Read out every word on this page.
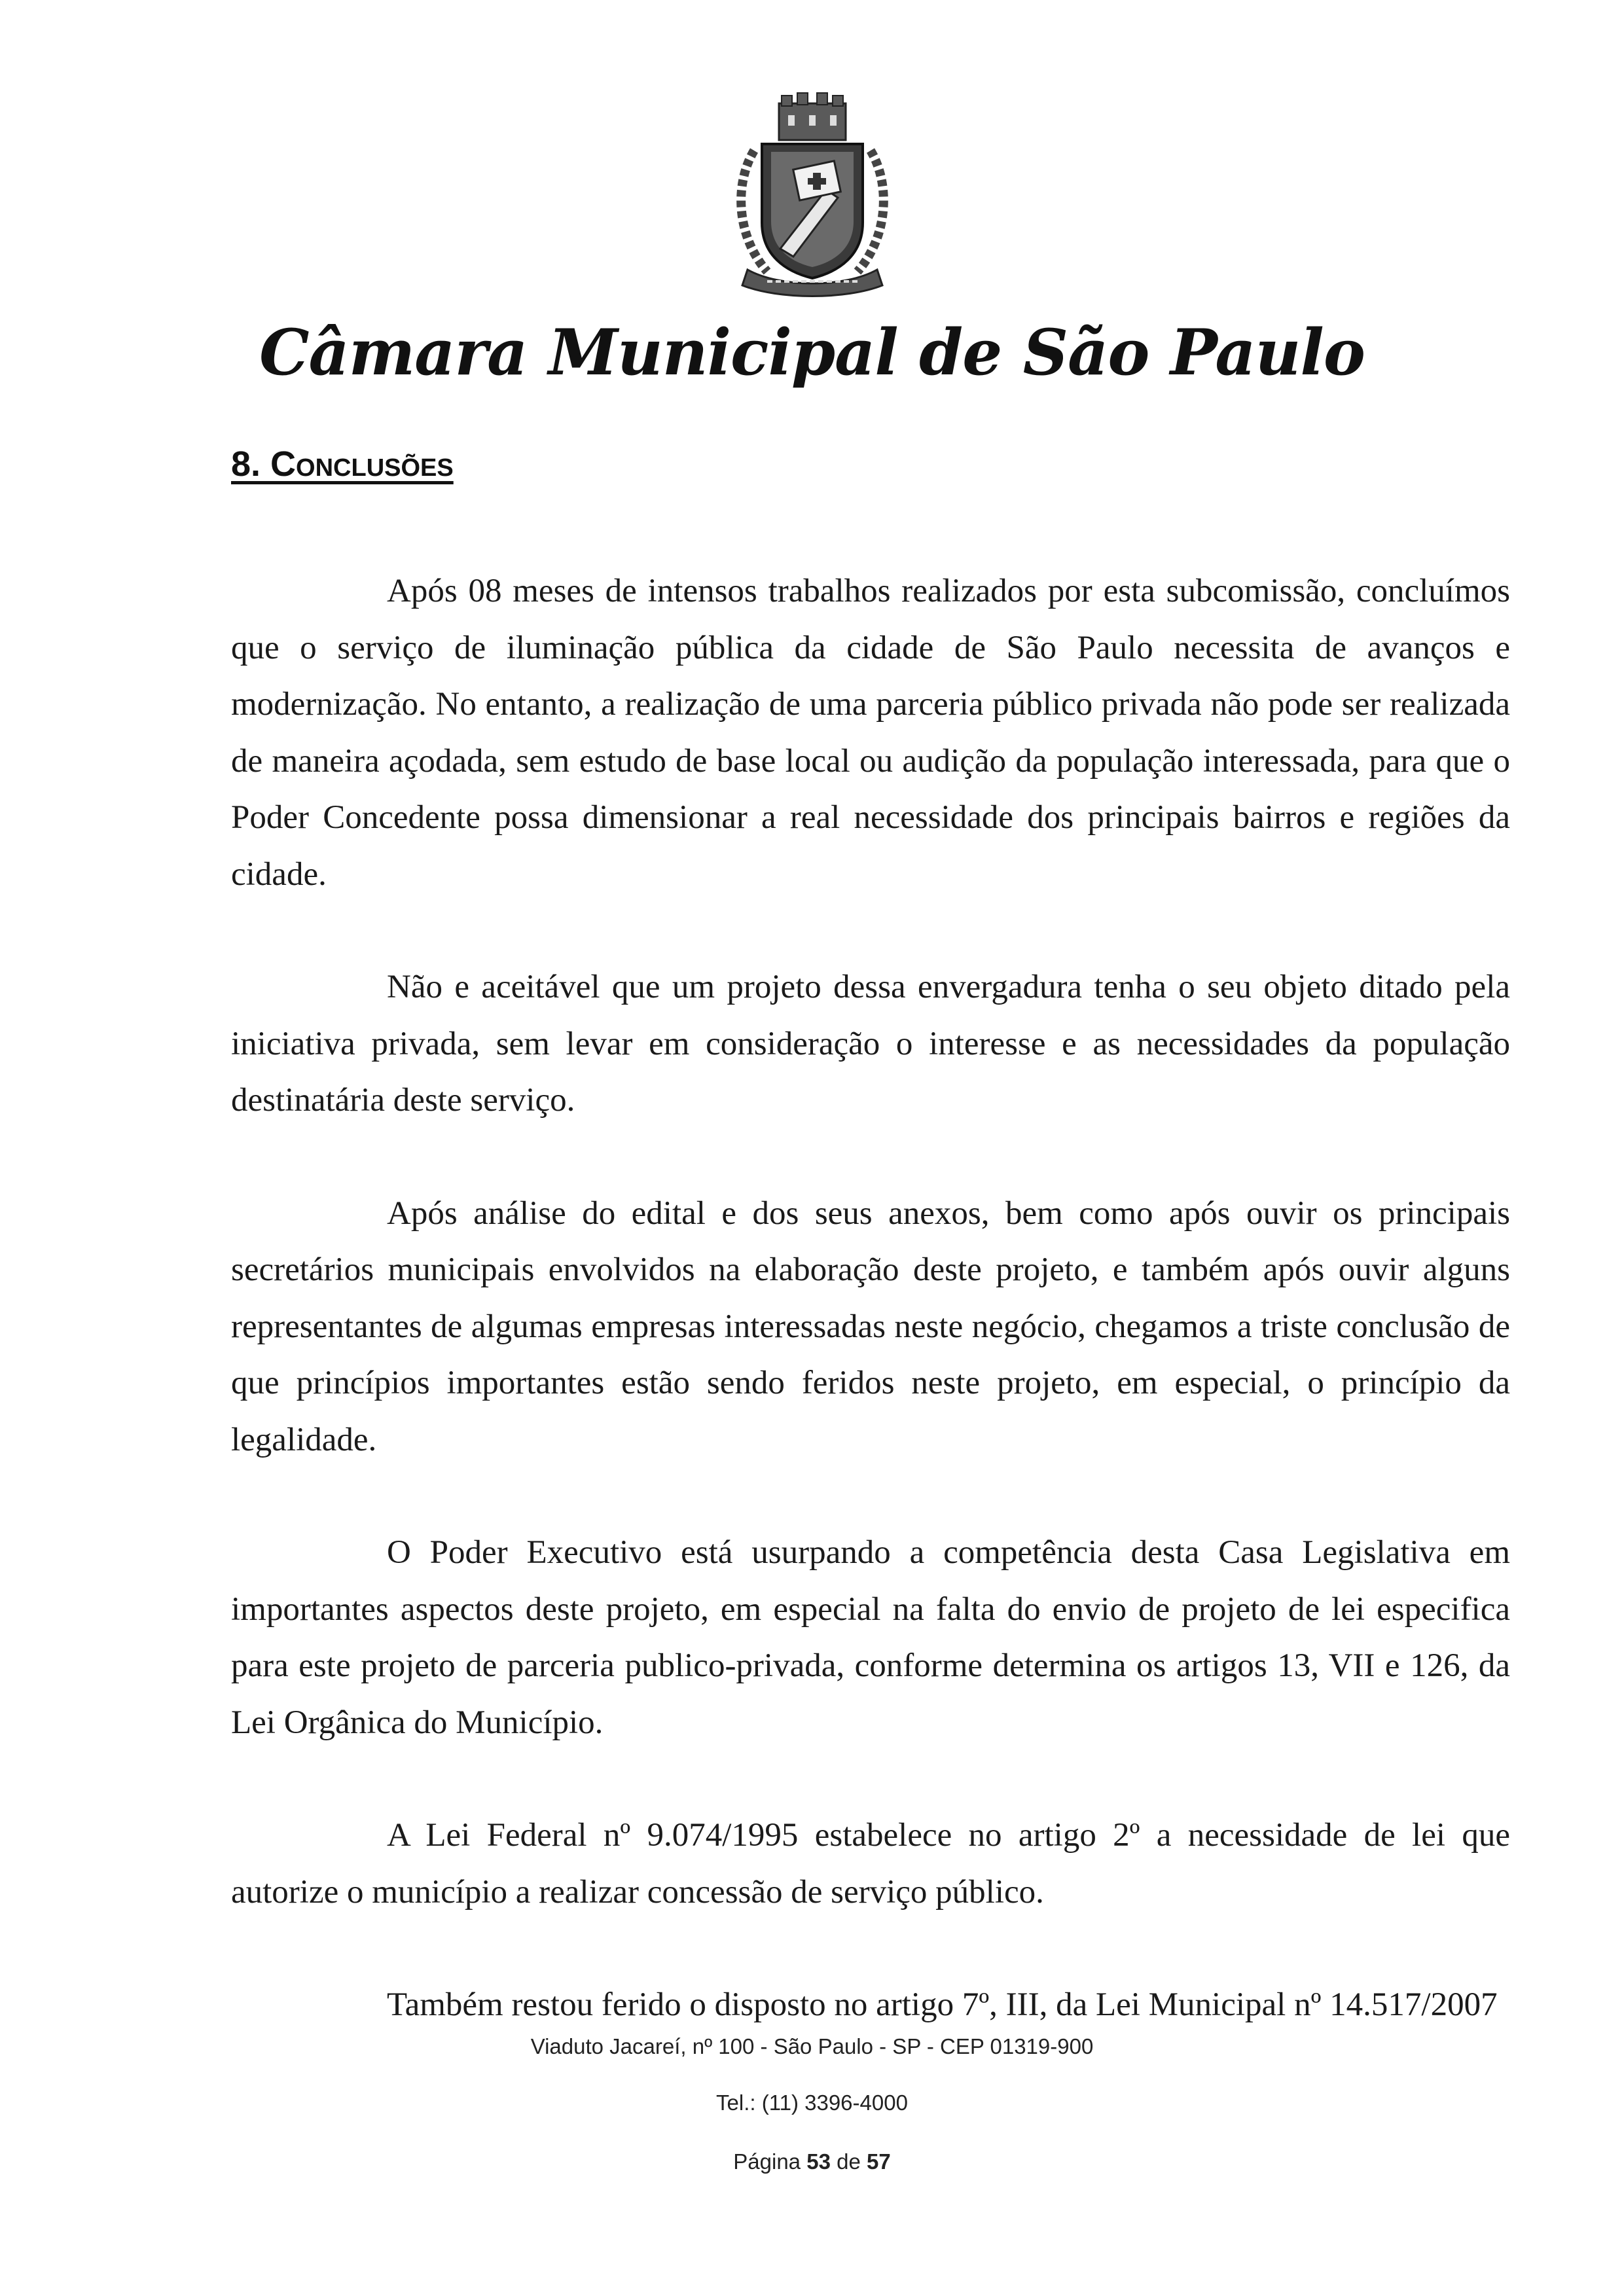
Câmara Municipal de São Paulo
8. Conclusões

Após 08 meses de intensos trabalhos realizados por esta subcomissão, concluímos que o serviço de iluminação pública da cidade de São Paulo necessita de avanços e modernização. No entanto, a realização de uma parceria público privada não pode ser realizada de maneira açodada, sem estudo de base local ou audição da população interessada, para que o Poder Concedente possa dimensionar a real necessidade dos principais bairros e regiões da cidade.

Não e aceitável que um projeto dessa envergadura tenha o seu objeto ditado pela iniciativa privada, sem levar em consideração o interesse e as necessidades da população destinatária deste serviço.

Após análise do edital e dos seus anexos, bem como após ouvir os principais secretários municipais envolvidos na elaboração deste projeto, e também após ouvir alguns representantes de algumas empresas interessadas neste negócio, chegamos a triste conclusão de que princípios importantes estão sendo feridos neste projeto, em especial, o princípio da legalidade.

O Poder Executivo está usurpando a competência desta Casa Legislativa em importantes aspectos deste projeto, em especial na falta do envio de projeto de lei especifica para este projeto de parceria publico-privada, conforme determina os artigos 13, VII e 126, da Lei Orgânica do Município.

A Lei Federal nº 9.074/1995 estabelece no artigo 2º a necessidade de lei que autorize o município a realizar concessão de serviço público.

Também restou ferido o disposto no artigo 7º, III, da Lei Municipal nº 14.517/2007

Viaduto Jacareí, nº 100 - São Paulo - SP - CEP 01319-900
Tel.: (11) 3396-4000
Página 53 de 57
